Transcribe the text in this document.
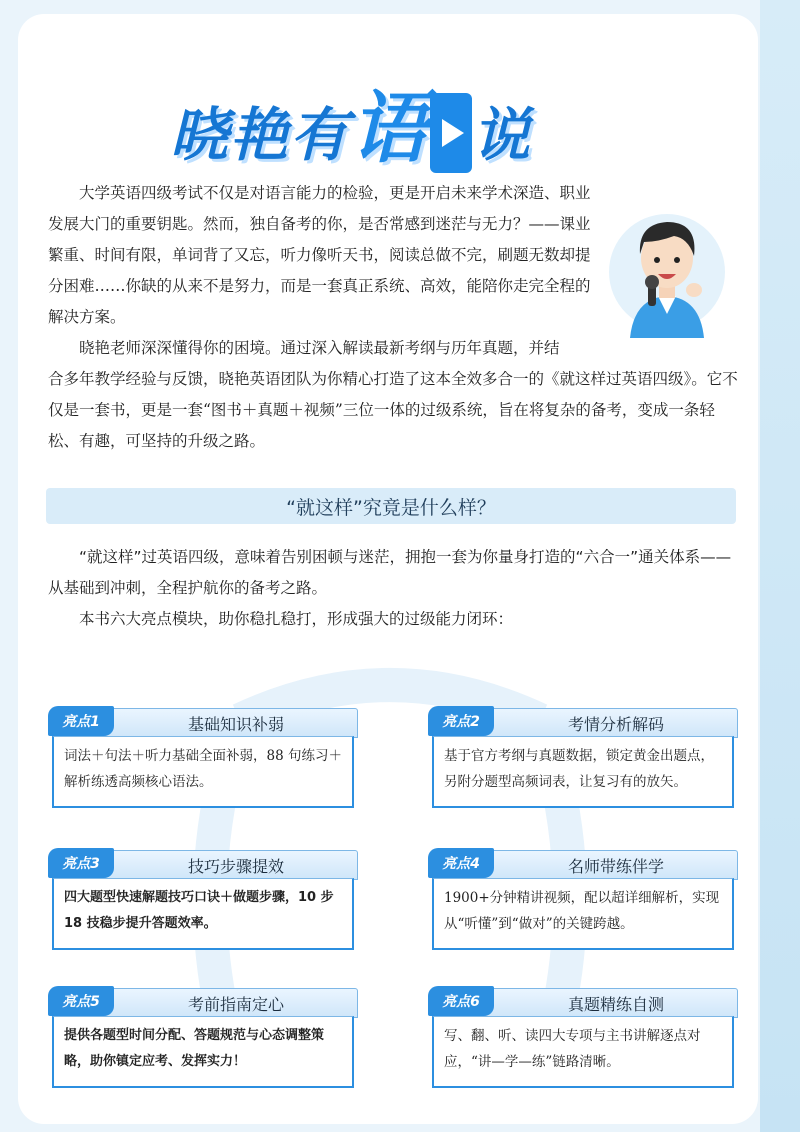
晓艳有语 说

大学英语四级考试不仅是对语言能力的检验，更是开启未来学术深造、职业发展大门的重要钥匙。然而，独自备考的你，是否常感到迷茫与无力？——课业繁重、时间有限，单词背了又忘，听力像听天书，阅读总做不完，刷题无数却提分困难……你缺的从来不是努力，而是一套真正系统、高效，能陪你走完全程的解决方案。

晓艳老师深深懂得你的困境。通过深入解读最新考纲与历年真题，并结

合多年教学经验与反馈，晓艳英语团队为你精心打造了这本全效多合一的《就这样过英语四级》。它不仅是一套书，更是一套“图书＋真题＋视频”三位一体的过级系统，旨在将复杂的备考，变成一条轻松、有趣，可坚持的升级之路。

“就这样”究竟是什么样？

“就这样”过英语四级，意味着告别困顿与迷茫，拥抱一套为你量身打造的“六合一”通关体系——从基础到冲刺，全程护航你的备考之路。

本书六大亮点模块，助你稳扎稳打，形成强大的过级能力闭环：

亮点1	基础知识补弱
词法＋句法＋听力基础全面补弱，88 句练习＋解析练透高频核心语法。
亮点2	考情分析解码
基于官方考纲与真题数据，锁定黄金出题点，另附分题型高频词表，让复习有的放矢。
亮点3	技巧步骤提效
四大题型快速解题技巧口诀＋做题步骤，10 步 18 技稳步提升答题效率。
亮点4	名师带练伴学
1900+分钟精讲视频，配以超详细解析，实现从“听懂”到“做对”的关键跨越。
亮点5	考前指南定心
提供各题型时间分配、答题规范与心态调整策略，助你镇定应考、发挥实力！
亮点6	真题精练自测
写、翻、听、读四大专项与主书讲解逐点对应，“讲—学—练”链路清晰。
